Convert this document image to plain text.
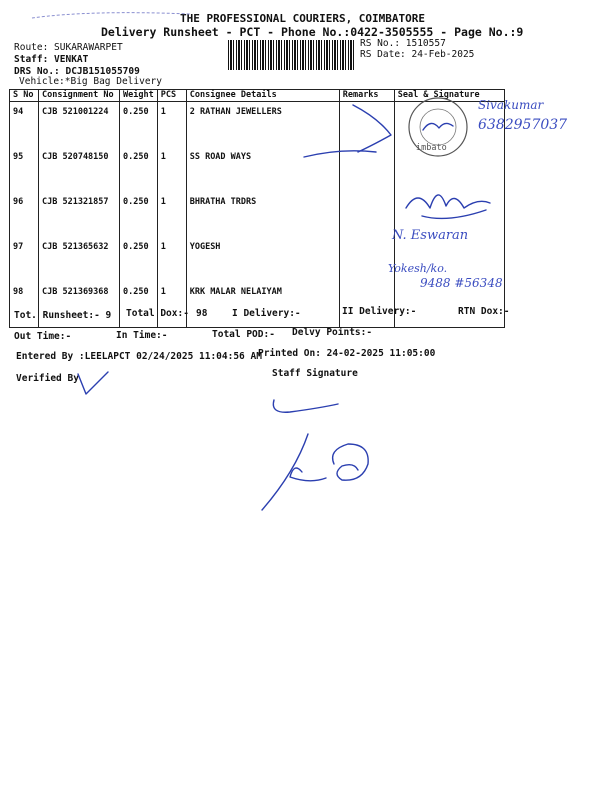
THE PROFESSIONAL COURIERS, COIMBATORE
Delivery Runsheet - PCT - Phone No.:0422-3505555 - Page No.:9
Route: SUKARAWARPET
Staff: VENKAT
DRS No.: DCJB151055709
Vehicle:*Big Bag Delivery
RS No.: 1510557
RS Date: 24-Feb-2025
S No	Consignment No	Weight	PCS	Consignee Details	Remarks	Seal & Signature
94	CJB 521001224	0.250	1	2 RATHAN JEWELLERS		
95	CJB 520748150	0.250	1	SS ROAD WAYS		
96	CJB 521321857	0.250	1	BHRATHA TRDRS		
97	CJB 521365632	0.250	1	YOGESH		
98	CJB 521369368	0.250	1	KRK MALAR NELAIYAM		
imbato
Sivakumar
6382957037
N. Eswaran
Yokesh/ko.
9488 #56348
Tot. Runsheet:- 9 Total Dox:- 98	I Delivery:-	II Delivery:-	RTN Dox:-
Out Time:-	In Time:-	Total POD:- Delvy Points:-
Entered By :LEELAPCT 02/24/2025 11:04:56 AM
Printed On: 24-02-2025 11:05:00
Verified By	Staff Signature
